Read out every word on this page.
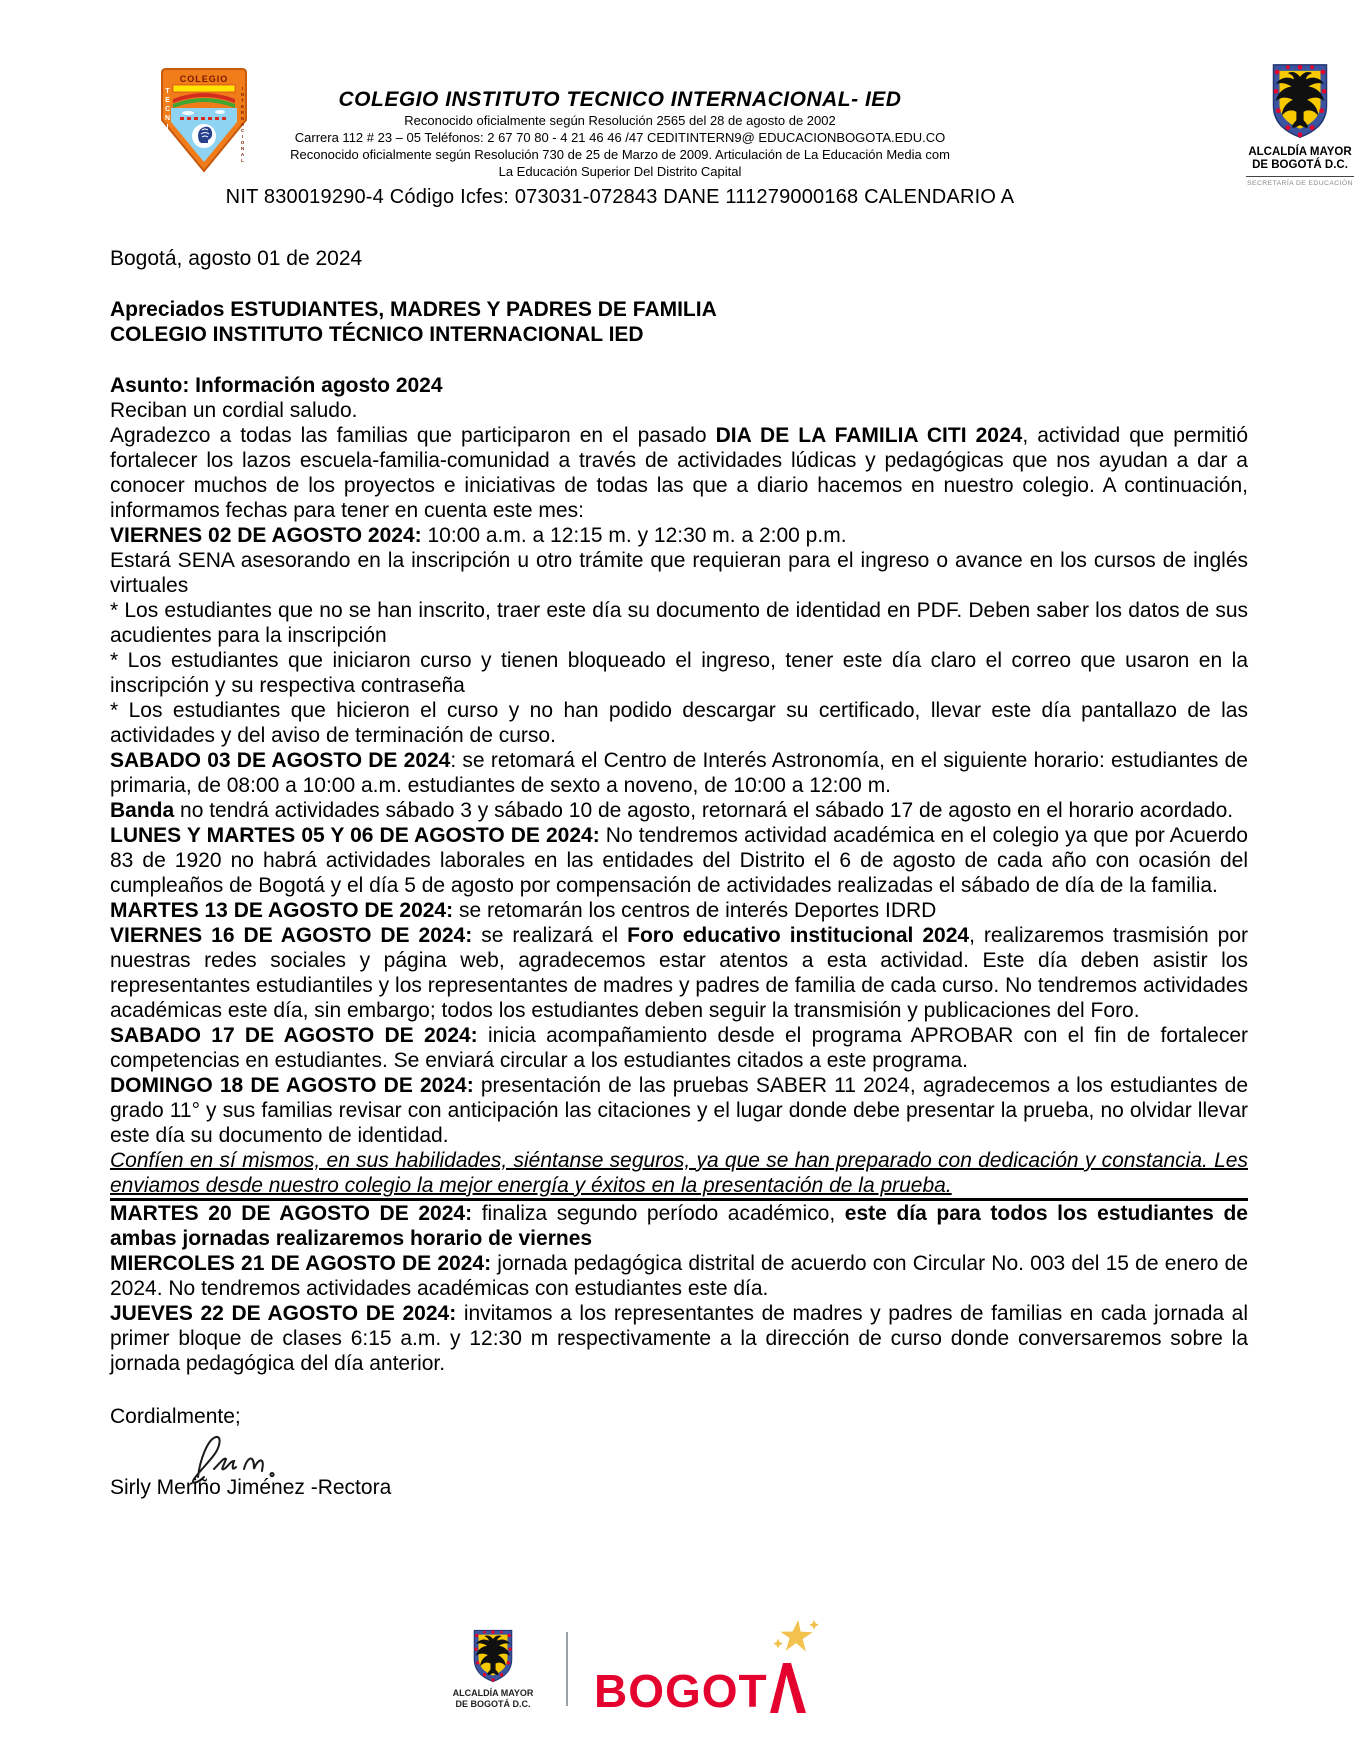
COLEGIO
TECNICO	INTERNACIONAL	COLEGIO INSTITUTO TECNICO INTERNACIONAL- IED
Reconocido oficialmente según Resolución 2565 del 28 de agosto de 2002
Carrera 112 # 23 – 05 Teléfonos: 2 67 70 80 - 4 21 46 46 /47 CEDITINTERN9@ EDUCACIONBOGOTA.EDU.CO
Reconocido oficialmente según Resolución 730 de 25 de Marzo de 2009. Articulación de La Educación Media com
La Educación Superior Del Distrito Capital
NIT 830019290-4 Código Icfes: 073031-072843 DANE 111279000168 CALENDARIO A
ALCALDÍA MAYOR
DE BOGOTÁ D.C.
SECRETARÍA DE EDUCACIÓN

Bogotá, agosto 01 de 2024

Apreciados ESTUDIANTES, MADRES Y PADRES DE FAMILIA

COLEGIO INSTITUTO TÉCNICO INTERNACIONAL IED

Asunto: Información agosto 2024

Reciban un cordial saludo.

Agradezco a todas las familias que participaron en el pasado DIA DE LA FAMILIA CITI 2024, actividad que permitió fortalecer los lazos escuela-familia-comunidad a través de actividades lúdicas y pedagógicas que nos ayudan a dar a conocer muchos de los proyectos e iniciativas de todas las que a diario hacemos en nuestro colegio. A continuación, informamos fechas para tener en cuenta este mes:

VIERNES 02 DE AGOSTO 2024: 10:00 a.m. a 12:15 m. y 12:30 m. a 2:00 p.m.

Estará SENA asesorando en la inscripción u otro trámite que requieran para el ingreso o avance en los cursos de inglés virtuales

* Los estudiantes que no se han inscrito, traer este día su documento de identidad en PDF. Deben saber los datos de sus acudientes para la inscripción

* Los estudiantes que iniciaron curso y tienen bloqueado el ingreso, tener este día claro el correo que usaron en la inscripción y su respectiva contraseña

* Los estudiantes que hicieron el curso y no han podido descargar su certificado, llevar este día pantallazo de las actividades y del aviso de terminación de curso.

SABADO 03 DE AGOSTO DE 2024: se retomará el Centro de Interés Astronomía, en el siguiente horario: estudiantes de primaria, de 08:00 a 10:00 a.m. estudiantes de sexto a noveno, de 10:00 a 12:00 m.

Banda no tendrá actividades sábado 3 y sábado 10 de agosto, retornará el sábado 17 de agosto en el horario acordado.

LUNES Y MARTES 05 Y 06 DE AGOSTO DE 2024: No tendremos actividad académica en el colegio ya que por Acuerdo 83 de 1920 no habrá actividades laborales en las entidades del Distrito el 6 de agosto de cada año con ocasión del cumpleaños de Bogotá y el día 5 de agosto por compensación de actividades realizadas el sábado de día de la familia.

MARTES 13 DE AGOSTO DE 2024: se retomarán los centros de interés Deportes IDRD

VIERNES 16 DE AGOSTO DE 2024: se realizará el Foro educativo institucional 2024, realizaremos trasmisión por nuestras redes sociales y página web, agradecemos estar atentos a esta actividad. Este día deben asistir los representantes estudiantiles y los representantes de madres y padres de familia de cada curso. No tendremos actividades académicas este día, sin embargo; todos los estudiantes deben seguir la transmisión y publicaciones del Foro.

SABADO 17 DE AGOSTO DE 2024: inicia acompañamiento desde el programa APROBAR con el fin de fortalecer competencias en estudiantes. Se enviará circular a los estudiantes citados a este programa.

DOMINGO 18 DE AGOSTO DE 2024: presentación de las pruebas SABER 11 2024, agradecemos a los estudiantes de grado 11° y sus familias revisar con anticipación las citaciones y el lugar donde debe presentar la prueba, no olvidar llevar este día su documento de identidad.

Confíen en sí mismos, en sus habilidades, siéntanse seguros, ya que se han preparado con dedicación y constancia. Les enviamos desde nuestro colegio la mejor energía y éxitos en la presentación de la prueba.

MARTES 20 DE AGOSTO DE 2024: finaliza segundo período académico, este día para todos los estudiantes de ambas jornadas realizaremos horario de viernes

MIERCOLES 21 DE AGOSTO DE 2024: jornada pedagógica distrital de acuerdo con Circular No. 003 del 15 de enero de 2024. No tendremos actividades académicas con estudiantes este día.

JUEVES 22 DE AGOSTO DE 2024: invitamos a los representantes de madres y padres de familias en cada jornada al primer bloque de clases 6:15 a.m. y 12:30 m respectivamente a la dirección de curso donde conversaremos sobre la jornada pedagógica del día anterior.

Cordialmente;
Sirly Meriño Jiménez -Rectora
ALCALDÍA MAYOR
DE BOGOTÁ D.C.	BOGOT
